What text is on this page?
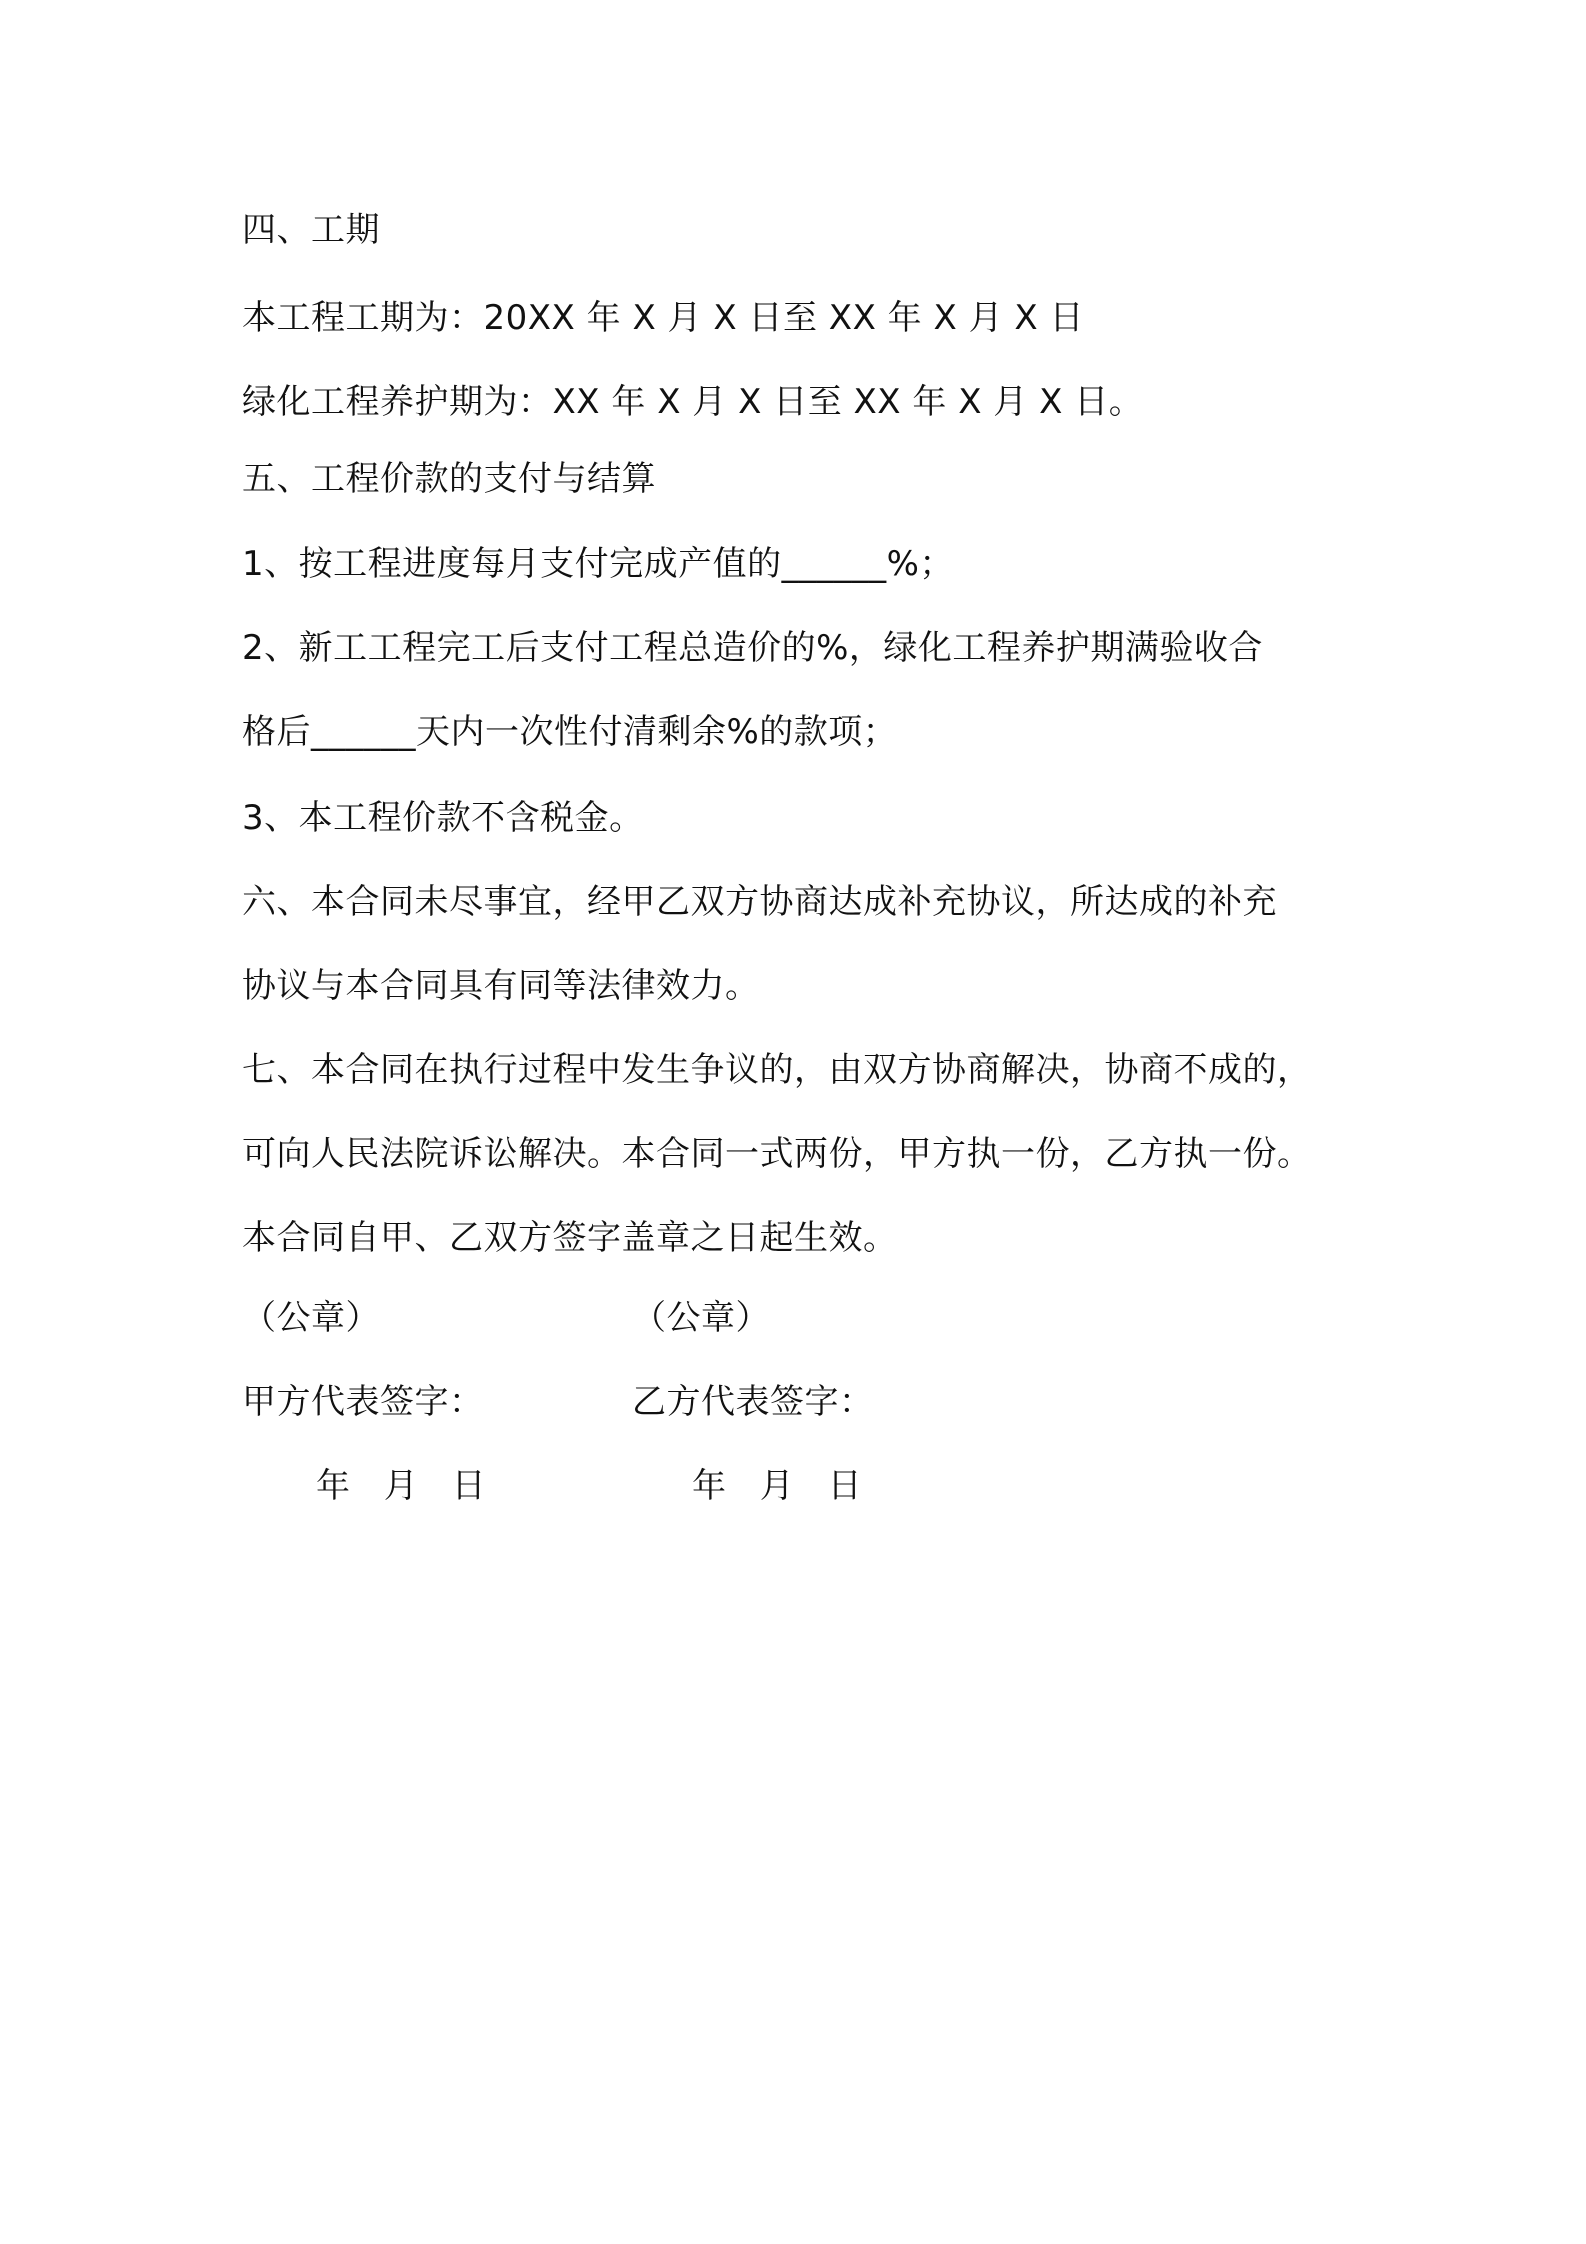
四、工期
本工程工期为：20XX 年 X 月 X 日至 XX 年 X 月 X 日
绿化工程养护期为：XX 年 X 月 X 日至 XX 年 X 月 X 日。
五、工程价款的支付与结算
1、按工程进度每月支付完成产值的______%；
2、新工工程完工后支付工程总造价的%，绿化工程养护期满验收合
格后______天内一次性付清剩余%的款项；
3、本工程价款不含税金。
六、本合同未尽事宜，经甲乙双方协商达成补充协议，所达成的补充
协议与本合同具有同等法律效力。
七、本合同在执行过程中发生争议的，由双方协商解决，协商不成的，
可向人民法院诉讼解决。本合同一式两份，甲方执一份，乙方执一份。
本合同自甲、乙双方签字盖章之日起生效。
（公章）	（公章）
甲方代表签字：	乙方代表签字：
年 月 日	年 月 日
